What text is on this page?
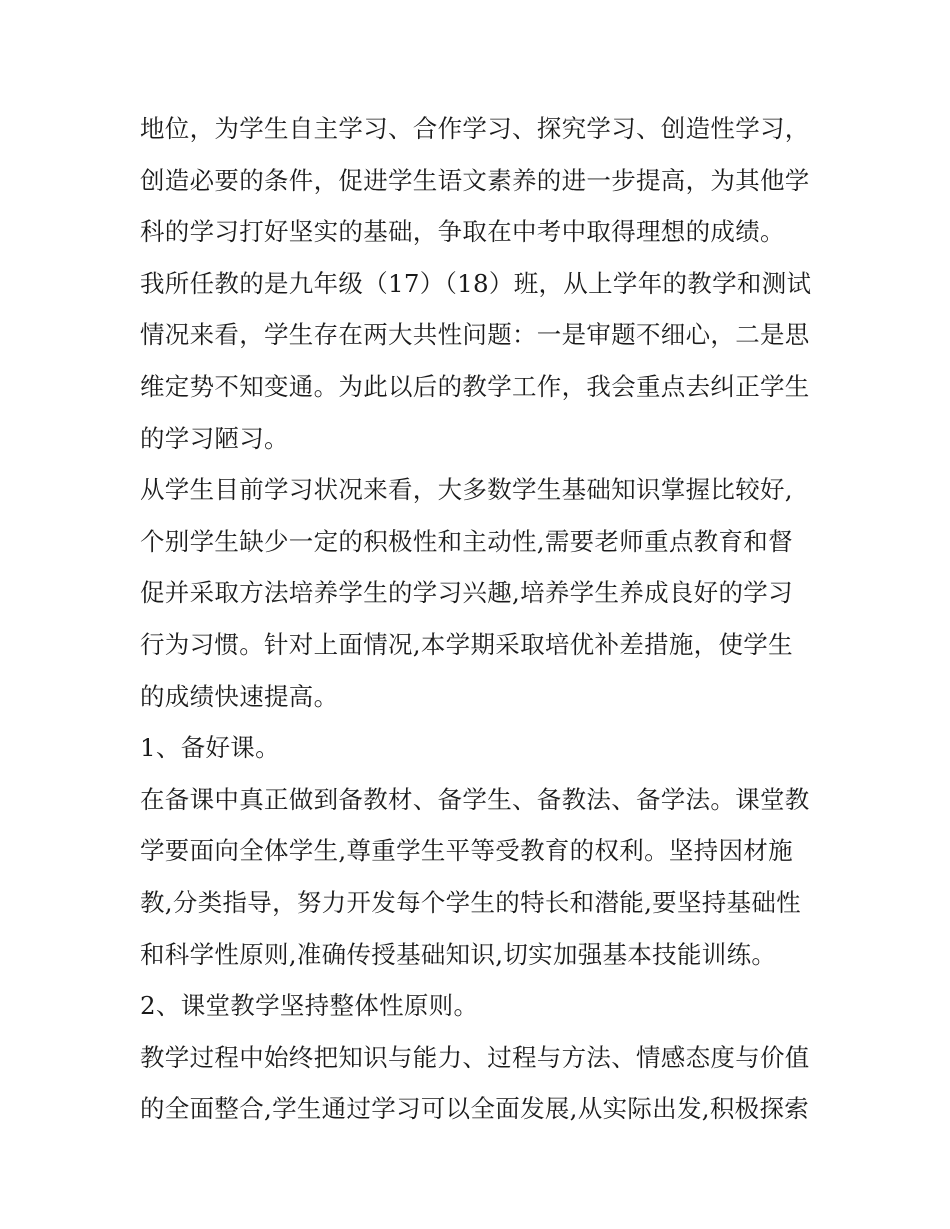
地位，为学生自主学习、合作学习、探究学习、创造性学习，
创造必要的条件，促进学生语文素养的进一步提高，为其他学
科的学习打好坚实的基础，争取在中考中取得理想的成绩。
我所任教的是九年级（17）（18）班，从上学年的教学和测试
情况来看，学生存在两大共性问题：一是审题不细心，二是思
维定势不知变通。为此以后的教学工作，我会重点去纠正学生
的学习陋习。
从学生目前学习状况来看，大多数学生基础知识掌握比较好,
个别学生缺少一定的积极性和主动性,需要老师重点教育和督
促并采取方法培养学生的学习兴趣,培养学生养成良好的学习
行为习惯。针对上面情况,本学期采取培优补差措施，使学生
的成绩快速提高。
1、备好课。
在备课中真正做到备教材、备学生、备教法、备学法。课堂教
学要面向全体学生,尊重学生平等受教育的权利。坚持因材施
教,分类指导，努力开发每个学生的特长和潜能,要坚持基础性
和科学性原则,准确传授基础知识,切实加强基本技能训练。
2、课堂教学坚持整体性原则。
教学过程中始终把知识与能力、过程与方法、情感态度与价值
的全面整合,学生通过学习可以全面发展,从实际出发,积极探索
